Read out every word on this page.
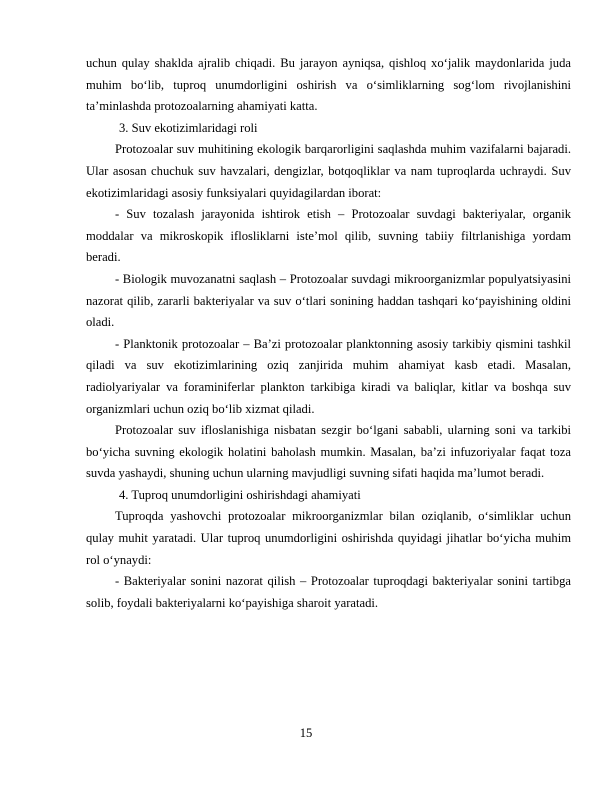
uchun qulay shaklda ajralib chiqadi. Bu jarayon ayniqsa, qishloq xo‘jalik maydonlarida juda muhim bo‘lib, tuproq unumdorligini oshirish va o‘simliklarning sog‘lom rivojlanishini ta’minlashda protozoalarning ahamiyati katta.

3. Suv ekotizimlaridagi roli

Protozoalar suv muhitining ekologik barqarorligini saqlashda muhim vazifalarni bajaradi. Ular asosan chuchuk suv havzalari, dengizlar, botqoqliklar va nam tuproqlarda uchraydi. Suv ekotizimlaridagi asosiy funksiyalari quyidagilardan iborat:

- Suv tozalash jarayonida ishtirok etish – Protozoalar suvdagi bakteriyalar, organik moddalar va mikroskopik iflosliklarni iste’mol qilib, suvning tabiiy filtrlanishiga yordam beradi.

- Biologik muvozanatni saqlash – Protozoalar suvdagi mikroorganizmlar populyatsiyasini nazorat qilib, zararli bakteriyalar va suv o‘tlari sonining haddan tashqari ko‘payishining oldini oladi.

- Planktonik protozoalar – Ba’zi protozoalar planktonning asosiy tarkibiy qismini tashkil qiladi va suv ekotizimlarining oziq zanjirida muhim ahamiyat kasb etadi. Masalan, radiolyariyalar va foraminiferlar plankton tarkibiga kiradi va baliqlar, kitlar va boshqa suv organizmlari uchun oziq bo‘lib xizmat qiladi.

Protozoalar suv ifloslanishiga nisbatan sezgir bo‘lgani sababli, ularning soni va tarkibi bo‘yicha suvning ekologik holatini baholash mumkin. Masalan, ba’zi infuzoriyalar faqat toza suvda yashaydi, shuning uchun ularning mavjudligi suvning sifati haqida ma’lumot beradi.

4. Tuproq unumdorligini oshirishdagi ahamiyati

Tuproqda yashovchi protozoalar mikroorganizmlar bilan oziqlanib, o‘simliklar uchun qulay muhit yaratadi. Ular tuproq unumdorligini oshirishda quyidagi jihatlar bo‘yicha muhim rol o‘ynaydi:

- Bakteriyalar sonini nazorat qilish – Protozoalar tuproqdagi bakteriyalar sonini tartibga solib, foydali bakteriyalarni ko‘payishiga sharoit yaratadi.

15
